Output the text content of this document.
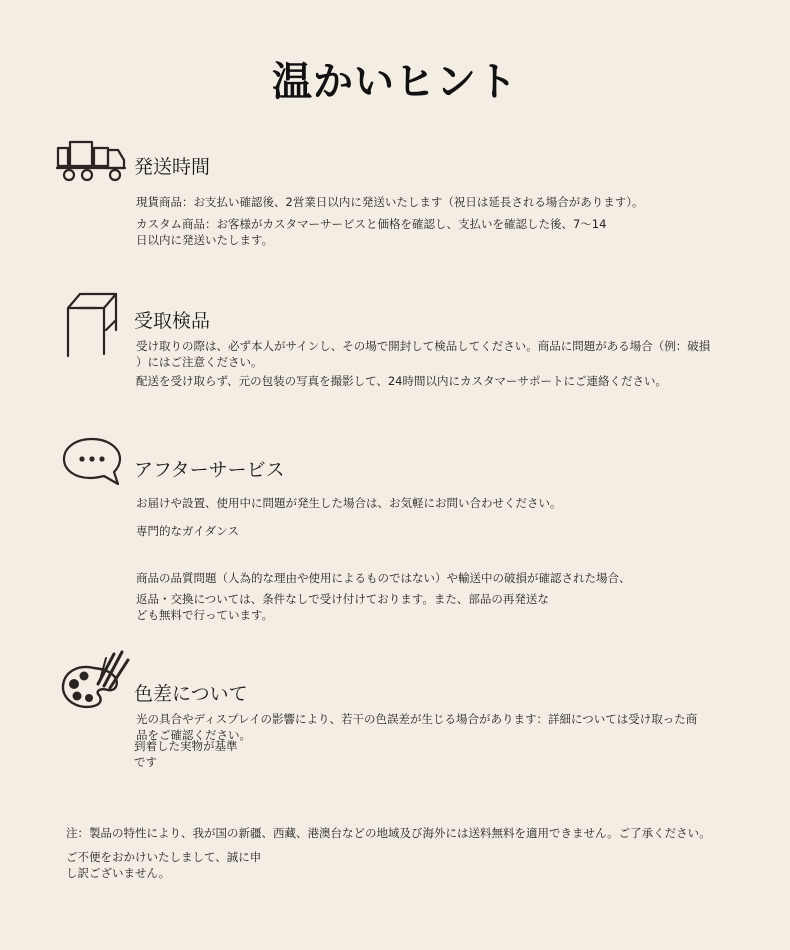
温かいヒント
発送時間
現貨商品：お支払い確認後、2営業日以内に発送いたします（祝日は延長される場合があります）。
カスタム商品：お客様がカスタマーサービスと価格を確認し、支払いを確認した後、7〜14
日以内に発送いたします。
受取検品
受け取りの際は、必ず本人がサインし、その場で開封して検品してください。商品に問題がある場合（例：破損
）にはご注意ください。
配送を受け取らず、元の包装の写真を撮影して、24時間以内にカスタマーサポートにご連絡ください。
アフターサービス
お届けや設置、使用中に問題が発生した場合は、お気軽にお問い合わせください。
専門的なガイダンス
商品の品質問題（人為的な理由や使用によるものではない）や輸送中の破損が確認された場合、
返品・交換については、条件なしで受け付けております。また、部品の再発送な
ども無料で行っています。
色差について
光の具合やディスプレイの影響により、若干の色誤差が生じる場合があります：詳細については受け取った商
品をご確認ください。
到着した実物が基準
です
注：製品の特性により、我が国の新疆、西藏、港澳台などの地域及び海外には送料無料を適用できません。ご了承ください。
ご不便をおかけいたしまして、誠に申
し訳ございません。
